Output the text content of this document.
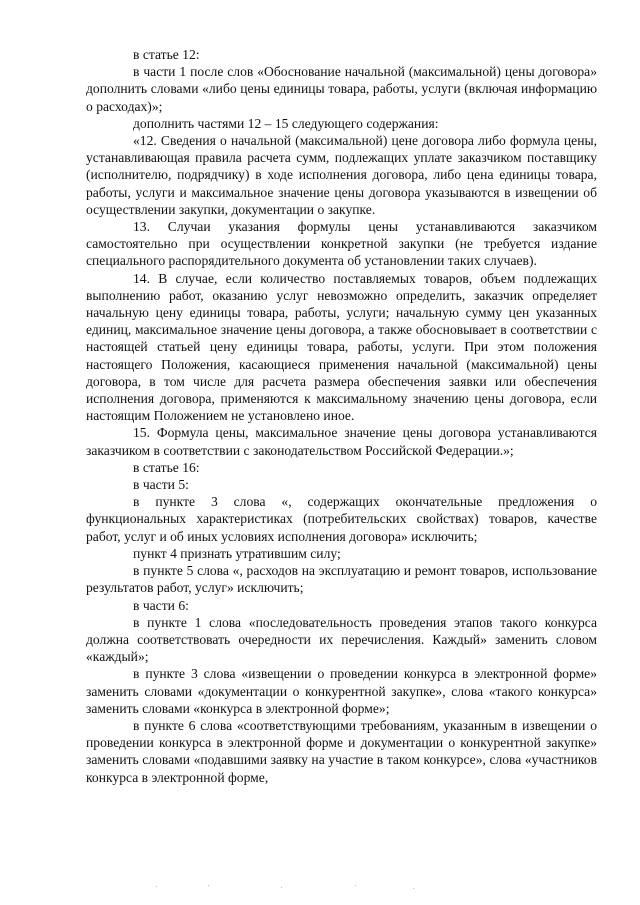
в статье 12:

в части 1 после слов «Обоснование начальной (максимальной) цены договора» дополнить словами «либо цены единицы товара, работы, услуги (включая информацию о расходах)»;

дополнить частями 12 – 15 следующего содержания:

«12. Сведения о начальной (максимальной) цене договора либо формула цены, устанавливающая правила расчета сумм, подлежащих уплате заказчиком поставщику (исполнителю, подрядчику) в ходе исполнения договора, либо цена единицы товара, работы, услуги и максимальное значение цены договора указываются в извещении об осуществлении закупки, документации о закупке.

13. Случаи указания формулы цены устанавливаются заказчиком самостоятельно при осуществлении конкретной закупки (не требуется издание специального распорядительного документа об установлении таких случаев).

14. В случае, если количество поставляемых товаров, объем подлежащих выполнению работ, оказанию услуг невозможно определить, заказчик определяет начальную цену единицы товара, работы, услуги; начальную сумму цен указанных единиц, максимальное значение цены договора, а также обосновывает в соответствии с настоящей статьей цену единицы товара, работы, услуги. При этом положения настоящего Положения, касающиеся применения начальной (максимальной) цены договора, в том числе для расчета размера обеспечения заявки или обеспечения исполнения договора, применяются к максимальному значению цены договора, если настоящим Положением не установлено иное.

15. Формула цены, максимальное значение цены договора устанавливаются заказчиком в соответствии с законодательством Российской Федерации.»;

в статье 16:

в части 5:

в пункте 3 слова «, содержащих окончательные предложения о функциональных характеристиках (потребительских свойствах) товаров, качестве работ, услуг и об иных условиях исполнения договора» исключить;

пункт 4 признать утратившим силу;

в пункте 5 слова «, расходов на эксплуатацию и ремонт товаров, использование результатов работ, услуг» исключить;

в части 6:

в пункте 1 слова «последовательность проведения этапов такого конкурса должна соответствовать очередности их перечисления. Каждый» заменить словом «каждый»;

в пункте 3 слова «извещении о проведении конкурса в электронной форме» заменить словами «документации о конкурентной закупке», слова «такого конкурса» заменить словами «конкурса в электронной форме»;

в пункте 6 слова «соответствующими требованиям, указанным в извещении о проведении конкурса в электронной форме и документации о конкурентной закупке» заменить словами «подавшими заявку на участие в таком конкурсе», слова «участников конкурса в электронной форме,
